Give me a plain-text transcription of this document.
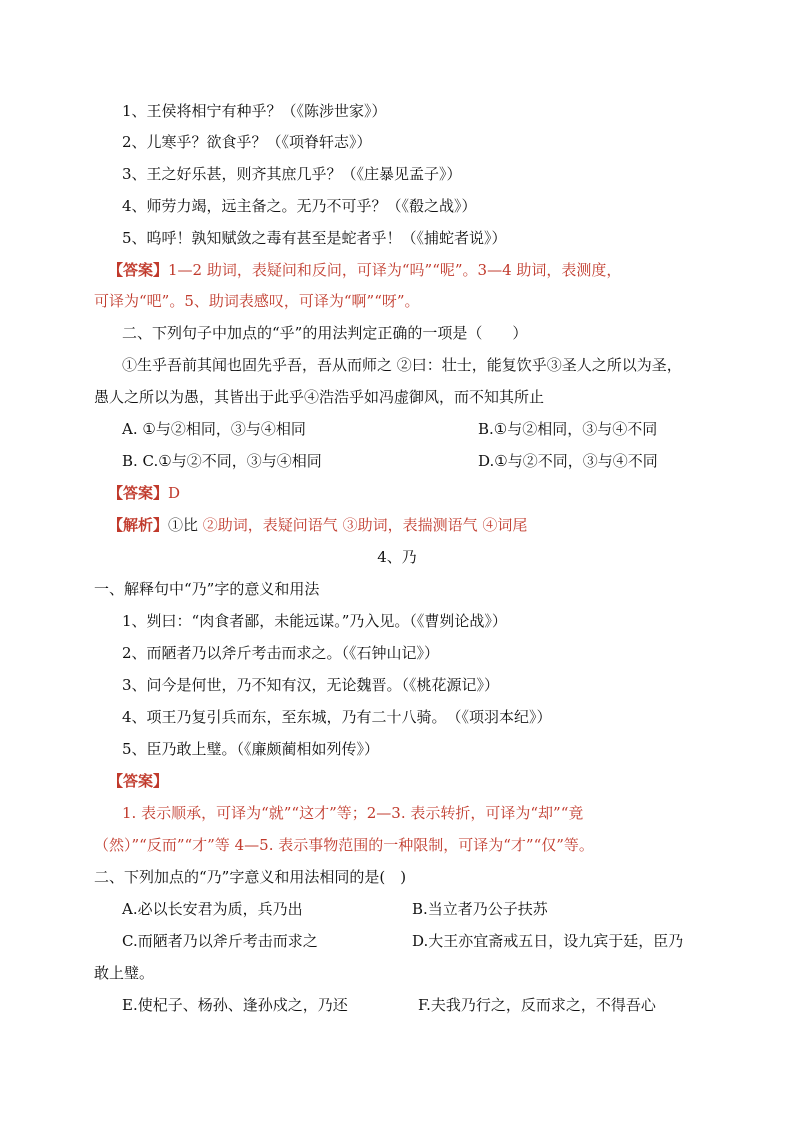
1、王侯将相宁有种乎？（《陈涉世家》）
2、儿寒乎？欲食乎？（《项脊轩志》）
3、王之好乐甚，则齐其庶几乎？（《庄暴见孟子》）
4、师劳力竭，远主备之。无乃不可乎？（《殽之战》）
5、呜呼！孰知赋敛之毒有甚至是蛇者乎！（《捕蛇者说》）
【答案】1—2 助词，表疑问和反问，可译为“吗”“呢”。3—4 助词，表测度，
可译为“吧”。5、助词表感叹，可译为“啊”“呀”。
二、下列句子中加点的“乎”的用法判定正确的一项是（　　）
①生乎吾前其闻也固先乎吾，吾从而师之 ②曰：壮士，能复饮乎③圣人之所以为圣，
愚人之所以为愚，其皆出于此乎④浩浩乎如冯虚御风，而不知其所止
A. ①与②相同，③与④相同	B.①与②相同，③与④不同
B. C.①与②不同，③与④相同	D.①与②不同，③与④不同
【答案】D
【解析】①比 ②助词，表疑问语气 ③助词，表揣测语气 ④词尾
4、乃
一、解释句中“乃”字的意义和用法
1、刿曰：“肉食者鄙，未能远谋。”乃入见。（《曹刿论战》）
2、而陋者乃以斧斤考击而求之。（《石钟山记》）
3、问今是何世，乃不知有汉，无论魏晋。（《桃花源记》）
4、项王乃复引兵而东，至东城，乃有二十八骑。　（《项羽本纪》）
5、臣乃敢上璧。（《廉颇蔺相如列传》）
【答案】
1. 表示顺承，可译为“就”“这才”等；2—3. 表示转折，可译为“却”“竟
（然）”“反而”“才”等 4—5. 表示事物范围的一种限制，可译为“才”“仅”等。
二、下列加点的“乃”字意义和用法相同的是(　)
A.必以长安君为质，兵乃出	B.当立者乃公子扶苏
C.而陋者乃以斧斤考击而求之	D.大王亦宜斋戒五日，设九宾于廷，臣乃
敢上璧。
E.使杞子、杨孙、逢孙戍之，乃还	F.夫我乃行之，反而求之，不得吾心
